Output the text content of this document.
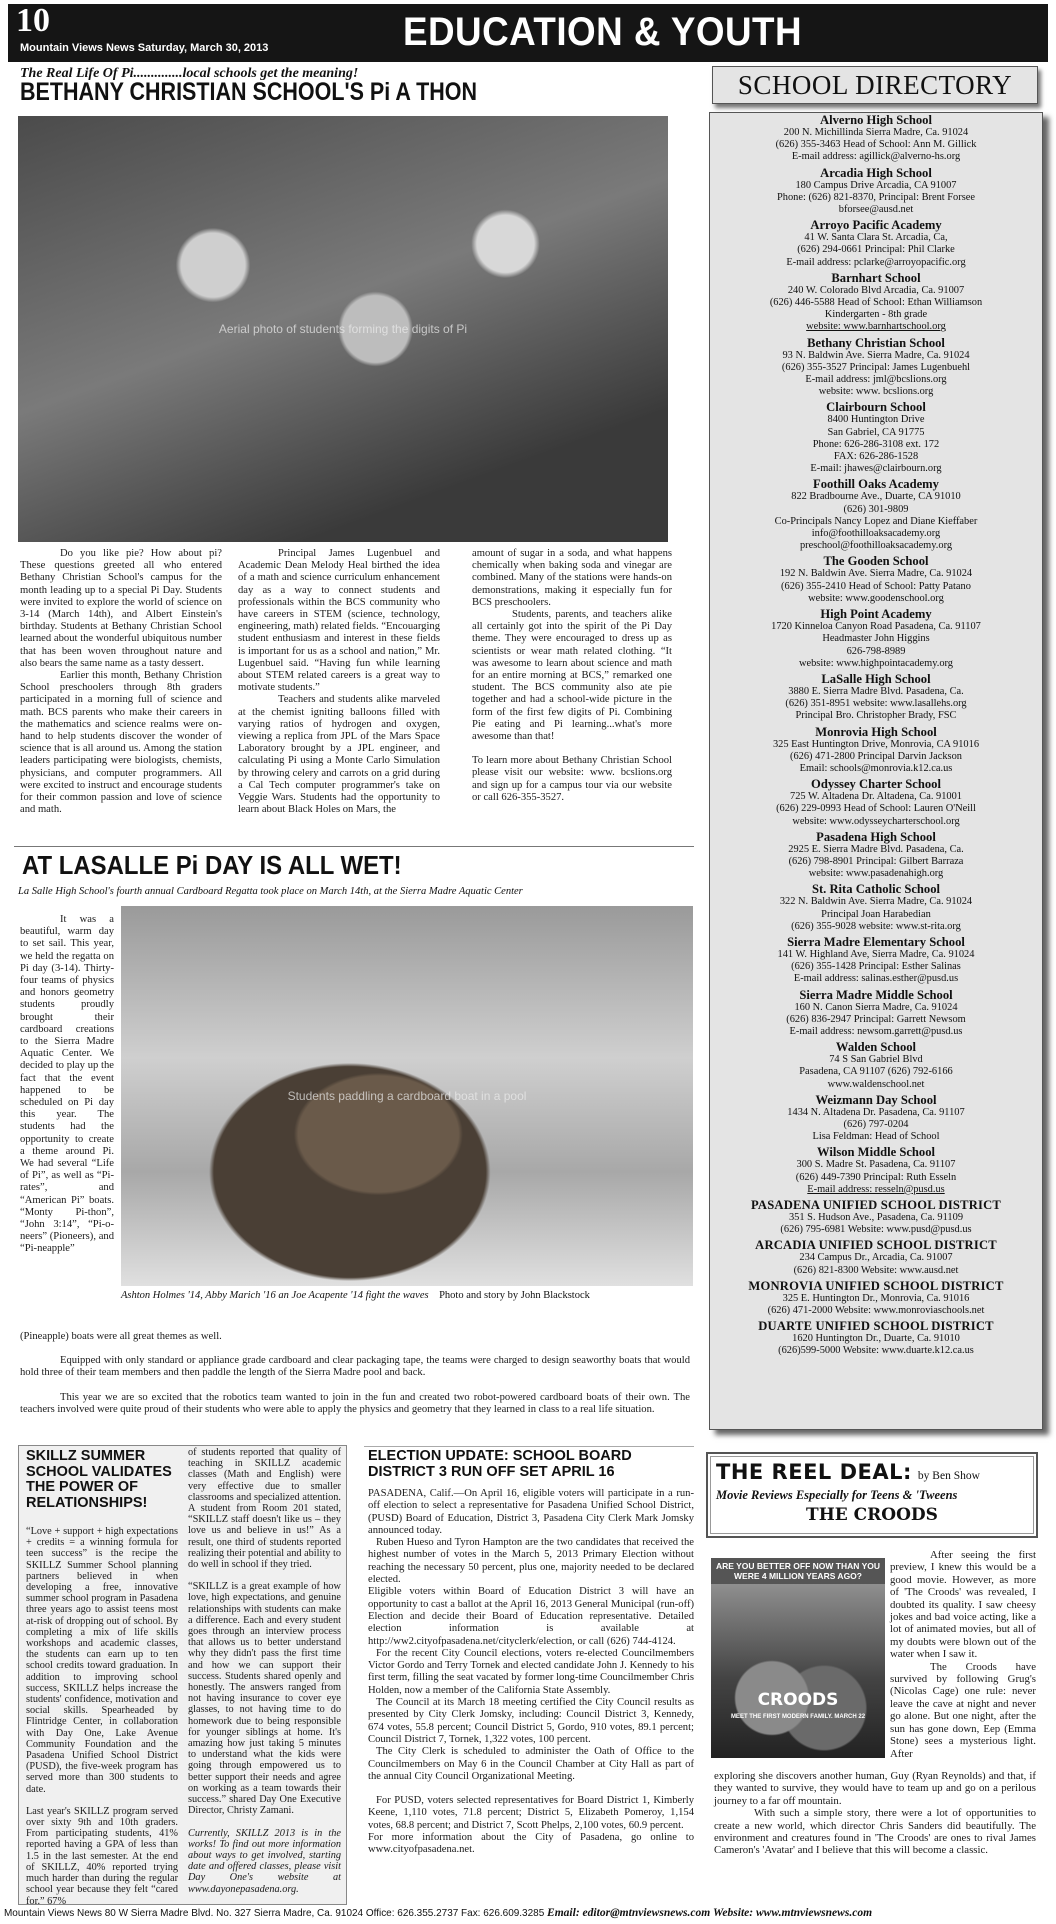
10
Mountain Views News Saturday, March 30, 2013	EDUCATION & YOUTH
The Real Life Of Pi..............local schools get the meaning!
BETHANY CHRISTIAN SCHOOL'S Pi A THON
Aerial photo of students forming the digits of Pi

Do you like pie? How about pi? These questions greeted all who entered Bethany Christian School's campus for the month leading up to a special Pi Day. Students were invited to explore the world of science on 3-14 (March 14th), and Albert Einstein's birthday. Students at Bethany Christian School learned about the wonderful ubiquitous number that has been woven throughout nature and also bears the same name as a tasty dessert.

Earlier this month, Bethany Christion School preschoolers through 8th graders participated in a morning full of science and math. BCS parents who make their careers in the mathematics and science realms were on-hand to help students discover the wonder of science that is all around us. Among the station leaders participating were biologists, chemists, physicians, and computer programmers. All were excited to instruct and encourage students for their common passion and love of science and math.

Principal James Lugenbuel and Academic Dean Melody Heal birthed the idea of a math and science curriculum enhancement day as a way to connect students and professionals within the BCS community who have careers in STEM (science, technology, engineering, math) related fields. “Encouarging student enthusiasm and interest in these fields is important for us as a school and nation,” Mr. Lugenbuel said. “Having fun while learning about STEM related careers is a great way to motivate students.”

Teachers and students alike marveled at the chemist igniting balloons filled with varying ratios of hydrogen and oxygen, viewing a replica from JPL of the Mars Space Laboratory brought by a JPL engineer, and calculating Pi using a Monte Carlo Simulation by throwing celery and carrots on a grid during a Cal Tech computer programmer's take on Veggie Wars. Students had the opportunity to learn about Black Holes on Mars, the

amount of sugar in a soda, and what happens chemically when baking soda and vinegar are combined. Many of the stations were hands-on demonstrations, making it especially fun for BCS preschoolers.

Students, parents, and teachers alike all certainly got into the spirit of the Pi Day theme. They were encouraged to dress up as scientists or wear math related clothing. “It was awesome to learn about science and math for an entire morning at BCS,” remarked one student. The BCS community also ate pie together and had a school-wide picture in the form of the first few digits of Pi. Combining Pie eating and Pi learning...what's more awesome than that!

To learn more about Bethany Christian School please visit our website: www. bcslions.org and sign up for a campus tour via our website or call 626-355-3527.

AT LASALLE Pi DAY IS ALL WET!
La Salle High School's fourth annual Cardboard Regatta took place on March 14th, at the Sierra Madre Aquatic Center

It was a beautiful, warm day to set sail. This year, we held the regatta on Pi day (3-14). Thirty-four teams of physics and honors geometry students proudly brought their cardboard creations to the Sierra Madre Aquatic Center. We decided to play up the fact that the event happened to be scheduled on Pi day this year. The students had the opportunity to create a theme around Pi. We had several “Life of Pi”, as well as “Pi-rates”, and “American Pi” boats. “Monty Pi-thon”, “John 3:14”, “Pi-o-neers” (Pioneers), and “Pi-neapple”

Students paddling a cardboard boat in a pool
Ashton Holmes '14, Abby Marich '16 an Joe Acapente '14 fight the waves Photo and story by John Blackstock

(Pineapple) boats were all great themes as well.

Equipped with only standard or appliance grade cardboard and clear packaging tape, the teams were charged to design seaworthy boats that would hold three of their team members and then paddle the length of the Sierra Madre pool and back.

This year we are so excited that the robotics team wanted to join in the fun and created two robot-powered cardboard boats of their own. The teachers involved were quite proud of their students who were able to apply the physics and geometry that they learned in class to a real life situation.

SCHOOL DIRECTORY
Alverno High School
200 N. Michillinda Sierra Madre, Ca. 91024
(626) 355-3463 Head of School: Ann M. Gillick
E-mail address: agillick@alverno-hs.org
Arcadia High School
180 Campus Drive Arcadia, CA 91007
Phone: (626) 821-8370, Principal: Brent Forsee
bforsee@ausd.net
Arroyo Pacific Academy
41 W. Santa Clara St. Arcadia, Ca,
(626) 294-0661 Principal: Phil Clarke
E-mail address: pclarke@arroyopacific.org
Barnhart School
240 W. Colorado Blvd Arcadia, Ca. 91007
(626) 446-5588 Head of School: Ethan Williamson
Kindergarten - 8th grade
website: www.barnhartschool.org
Bethany Christian School
93 N. Baldwin Ave. Sierra Madre, Ca. 91024
(626) 355-3527 Principal: James Lugenbuehl
E-mail address: jml@bcslions.org
website: www. bcslions.org
Clairbourn School
8400 Huntington Drive
San Gabriel, CA 91775
Phone: 626-286-3108 ext. 172
FAX: 626-286-1528
E-mail: jhawes@clairbourn.org
Foothill Oaks Academy
822 Bradbourne Ave., Duarte, CA 91010
(626) 301-9809
Co-Principals Nancy Lopez and Diane Kieffaber
info@foothilloaksacademy.org
preschool@foothilloaksacademy.org
The Gooden School
192 N. Baldwin Ave. Sierra Madre, Ca. 91024
(626) 355-2410 Head of School: Patty Patano
website: www.goodenschool.org
High Point Academy
1720 Kinneloa Canyon Road Pasadena, Ca. 91107
Headmaster John Higgins
626-798-8989
website: www.highpointacademy.org
LaSalle High School
3880 E. Sierra Madre Blvd. Pasadena, Ca.
(626) 351-8951 website: www.lasallehs.org
Principal Bro. Christopher Brady, FSC
Monrovia High School
325 East Huntington Drive, Monrovia, CA 91016
(626) 471-2800 Principal Darvin Jackson
Email: schools@monrovia.k12.ca.us
Odyssey Charter School
725 W. Altadena Dr. Altadena, Ca. 91001
(626) 229-0993 Head of School: Lauren O'Neill
website: www.odysseycharterschool.org
Pasadena High School
2925 E. Sierra Madre Blvd. Pasadena, Ca.
(626) 798-8901 Principal: Gilbert Barraza
website: www.pasadenahigh.org
St. Rita Catholic School
322 N. Baldwin Ave. Sierra Madre, Ca. 91024
Principal Joan Harabedian
(626) 355-9028 website: www.st-rita.org
Sierra Madre Elementary School
141 W. Highland Ave, Sierra Madre, Ca. 91024
(626) 355-1428 Principal: Esther Salinas
E-mail address: salinas.esther@pusd.us
Sierra Madre Middle School
160 N. Canon Sierra Madre, Ca. 91024
(626) 836-2947 Principal: Garrett Newsom
E-mail address: newsom.garrett@pusd.us
Walden School
74 S San Gabriel Blvd
Pasadena, CA 91107 (626) 792-6166
www.waldenschool.net
Weizmann Day School
1434 N. Altadena Dr. Pasadena, Ca. 91107
(626) 797-0204
Lisa Feldman: Head of School
Wilson Middle School
300 S. Madre St. Pasadena, Ca. 91107
(626) 449-7390 Principal: Ruth Esseln
E-mail address: resseln@pusd.us
PASADENA UNIFIED SCHOOL DISTRICT
351 S. Hudson Ave., Pasadena, Ca. 91109
(626) 795-6981 Website: www.pusd@pusd.us
ARCADIA UNIFIED SCHOOL DISTRICT
234 Campus Dr., Arcadia, Ca. 91007
(626) 821-8300 Website: www.ausd.net
MONROVIA UNIFIED SCHOOL DISTRICT
325 E. Huntington Dr., Monrovia, Ca. 91016
(626) 471-2000 Website: www.monroviaschools.net
DUARTE UNIFIED SCHOOL DISTRICT
1620 Huntington Dr., Duarte, Ca. 91010
(626)599-5000 Website: www.duarte.k12.ca.us
SKILLZ SUMMER SCHOOL VALIDATES THE POWER OF RELATIONSHIPS!

“Love + support + high expectations + credits = a winning formula for teen success” is the recipe the SKILLZ Summer School planning partners believed in when developing a free, innovative summer school program in Pasadena three years ago to assist teens most at-risk of dropping out of school. By completing a mix of life skills workshops and academic classes, the students can earn up to ten school credits toward graduation. In addition to improving school success, SKILLZ helps increase the students' confidence, motivation and social skills. Spearheaded by Flintridge Center, in collaboration with Day One, Lake Avenue Community Foundation and the Pasadena Unified School District (PUSD), the five-week program has served more than 300 students to date.

Last year's SKILLZ program served over sixty 9th and 10th graders. From participating students, 41% reported having a GPA of less than 1.5 in the last semester. At the end of SKILLZ, 40% reported trying much harder than during the regular school year because they felt “cared for.” 67%

of students reported that quality of teaching in SKILLZ academic classes (Math and English) were very effective due to smaller classrooms and specialized attention. A student from Room 201 stated, “SKILLZ staff doesn't like us – they love us and believe in us!” As a result, one third of students reported realizing their potential and ability to do well in school if they tried.

“SKILLZ is a great example of how love, high expectations, and genuine relationships with students can make a difference. Each and every student goes through an interview process that allows us to better understand why they didn't pass the first time and how we can support their success. Students shared openly and honestly. The answers ranged from not having insurance to cover eye glasses, to not having time to do homework due to being responsible for younger siblings at home. It's amazing how just taking 5 minutes to understand what the kids were going through empowered us to better support their needs and agree on working as a team towards their success.” shared Day One Executive Director, Christy Zamani.

Currently, SKILLZ 2013 is in the works! To find out more information about ways to get involved, starting date and offered classes, please visit Day One's website at www.dayonepasadena.org.

ELECTION UPDATE: SCHOOL BOARD DISTRICT 3 RUN OFF SET APRIL 16

PASADENA, Calif.—On April 16, eligible voters will participate in a run-off election to select a representative for Pasadena Unified School District, (PUSD) Board of Education, District 3, Pasadena City Clerk Mark Jomsky announced today.

Ruben Hueso and Tyron Hampton are the two candidates that received the highest number of votes in the March 5, 2013 Primary Election without reaching the necessary 50 percent, plus one, majority needed to be declared elected.

Eligible voters within Board of Education District 3 will have an opportunity to cast a ballot at the April 16, 2013 General Municipal (run-off) Election and decide their Board of Education representative. Detailed election information is available at http://ww2.cityofpasadena.net/cityclerk/election, or call (626) 744-4124.

For the recent City Council elections, voters re-elected Councilmembers Victor Gordo and Terry Tornek and elected candidate John J. Kennedy to his first term, filling the seat vacated by former long-time Councilmember Chris Holden, now a member of the California State Assembly.

The Council at its March 18 meeting certified the City Council results as presented by City Clerk Jomsky, including: Council District 3, Kennedy, 674 votes, 55.8 percent; Council District 5, Gordo, 910 votes, 89.1 percent; Council District 7, Tornek, 1,322 votes, 100 percent.

The City Clerk is scheduled to administer the Oath of Office to the Councilmembers on May 6 in the Council Chamber at City Hall as part of the annual City Council Organizational Meeting.

For PUSD, voters selected representatives for Board District 1, Kimberly Keene, 1,110 votes, 71.8 percent; District 5, Elizabeth Pomeroy, 1,154 votes, 68.8 percent; and District 7, Scott Phelps, 2,100 votes, 60.9 percent.

For more information about the City of Pasadena, go online to www.cityofpasadena.net.

THE REEL DEAL: by Ben Show
Movie Reviews Especially for Teens & 'Tweens
THE CROODS
ARE YOU BETTER OFF NOW THAN YOU WERE 4 MILLION YEARS AGO?
CROODS
MEET THE FIRST MODERN FAMILY. MARCH 22

After seeing the first preview, I knew this would be a good movie. However, as more of 'The Croods' was revealed, I doubted its quality. I saw cheesy jokes and bad voice acting, like a lot of animated movies, but all of my doubts were blown out of the water when I saw it.

The Croods have survived by following Grug's (Nicolas Cage) one rule: never leave the cave at night and never go alone. But one night, after the sun has gone down, Eep (Emma Stone) sees a mysterious light. After

exploring she discovers another human, Guy (Ryan Reynolds) and that, if they wanted to survive, they would have to team up and go on a perilous journey to a far off mountain.

With such a simple story, there were a lot of opportunities to create a new world, which director Chris Sanders did beautifully. The environment and creatures found in 'The Croods' are ones to rival James Cameron's 'Avatar' and I believe that this will become a classic.

Mountain Views News 80 W Sierra Madre Blvd. No. 327 Sierra Madre, Ca. 91024 Office: 626.355.2737 Fax: 626.609.3285 Email: editor@mtnviewsnews.com Website: www.mtnviewsnews.com
